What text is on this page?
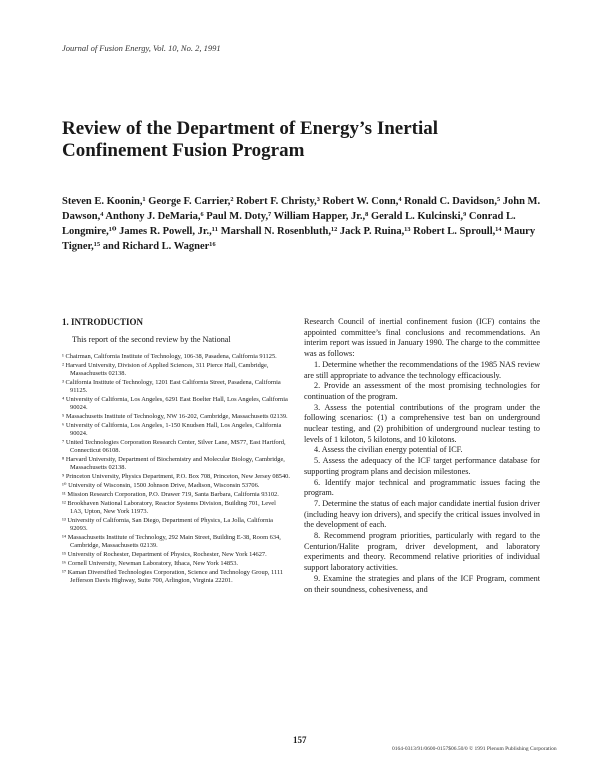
Journal of Fusion Energy, Vol. 10, No. 2, 1991
Review of the Department of Energy’s Inertial Confinement Fusion Program

Steven E. Koonin,¹ George F. Carrier,² Robert F. Christy,³ Robert W. Conn,⁴ Ronald C. Davidson,⁵ John M. Dawson,⁴ Anthony J. DeMaria,⁶ Paul M. Doty,⁷ William Happer, Jr.,⁸ Gerald L. Kulcinski,⁹ Conrad L. Longmire,¹⁰ James R. Powell, Jr.,¹¹ Marshall N. Rosenbluth,¹² Jack P. Ruina,¹³ Robert L. Sproull,¹⁴ Maury Tigner,¹⁵ and Richard L. Wagner¹⁶

1. INTRODUCTION

This report of the second review by the National

¹ Chairman, California Institute of Technology, 106-38, Pasadena, California 91125.
² Harvard University, Division of Applied Sciences, 311 Pierce Hall, Cambridge, Massachusetts 02138.
³ California Institute of Technology, 1201 East California Street, Pasadena, California 91125.
⁴ University of California, Los Angeles, 6291 East Boelter Hall, Los Angeles, California 90024.
⁵ Massachusetts Institute of Technology, NW 16-202, Cambridge, Massachusetts 02139.
⁶ University of California, Los Angeles, 1-150 Knudsen Hall, Los Angeles, California 90024.
⁷ United Technologies Corporation Research Center, Silver Lane, MS77, East Hartford, Connecticut 06108.
⁸ Harvard University, Department of Biochemistry and Molecular Biology, Cambridge, Massachusetts 02138.
⁹ Princeton University, Physics Department, P.O. Box 708, Princeton, New Jersey 08540.
¹⁰ University of Wisconsin, 1500 Johnson Drive, Madison, Wisconsin 53706.
¹¹ Mission Research Corporation, P.O. Drawer 719, Santa Barbara, California 93102.
¹² Brookhaven National Laboratory, Reactor Systems Division, Building 701, Level 1A3, Upton, New York 11973.
¹³ University of California, San Diego, Department of Physics, La Jolla, California 92093.
¹⁴ Massachusetts Institute of Technology, 292 Main Street, Building E-38, Room 634, Cambridge, Massachusetts 02139.
¹⁵ University of Rochester, Department of Physics, Rochester, New York 14627.
¹⁶ Cornell University, Newman Laboratory, Ithaca, New York 14853.
¹⁷ Kaman Diversified Technologies Corporation, Science and Technology Group, 1111 Jefferson Davis Highway, Suite 700, Arlington, Virginia 22201.

Research Council of inertial confinement fusion (ICF) contains the appointed committee’s final conclusions and recommendations. An interim report was issued in January 1990. The charge to the committee was as follows:

1. Determine whether the recommendations of the 1985 NAS review are still appropriate to advance the technology efficaciously.

2. Provide an assessment of the most promising technologies for continuation of the program.

3. Assess the potential contributions of the program under the following scenarios: (1) a comprehensive test ban on underground nuclear testing, and (2) prohibition of underground nuclear testing to levels of 1 kiloton, 5 kilotons, and 10 kilotons.

4. Assess the civilian energy potential of ICF.

5. Assess the adequacy of the ICF target performance database for supporting program plans and decision milestones.

6. Identify major technical and programmatic issues facing the program.

7. Determine the status of each major candidate inertial fusion driver (including heavy ion drivers), and specify the critical issues involved in the development of each.

8. Recommend program priorities, particularly with regard to the Centurion/Halite program, driver development, and laboratory experiments and theory. Recommend relative priorities of individual support laboratory activities.

9. Examine the strategies and plans of the ICF Program, comment on their soundness, cohesiveness, and

157
0164-0313/91/0600-0157$06.50/0 © 1991 Plenum Publishing Corporation
